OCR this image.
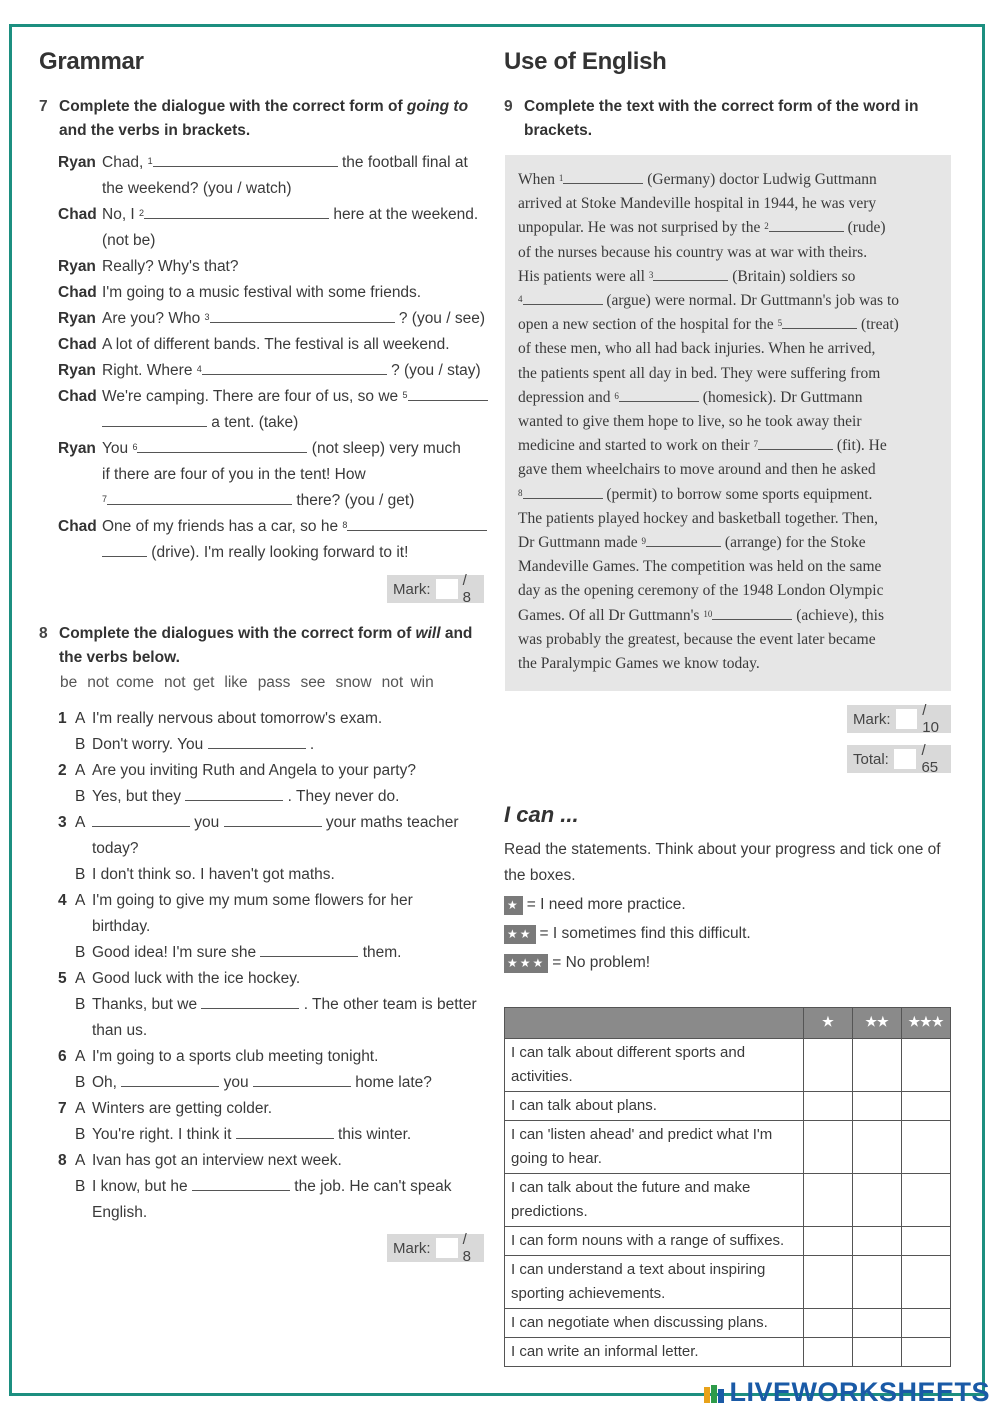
Grammar
7 Complete the dialogue with the correct form of going to
and the verbs in brackets.
Ryan Chad, $^1$	the football final at
the weekend? (you / watch)
Chad No, I $^2$	here at the weekend.
(not be)
Ryan Really? Why's that?
Chad I'm going to a music festival with some friends.
Ryan Are you? Who $^3$	? (you / see)
Chad A lot of different bands. The festival is all weekend.
Ryan Right. Where $^4$	? (you / stay)
Chad We're camping. There are four of us, so we $^5$
a tent. (take)
Ryan You $^6$	(not sleep) very much
if there are four of you in the tent! How
$^7$	there? (you / get)
Chad One of my friends has a car, so he $^8$
(drive). I'm really looking forward to it!
Mark: / 8
8 Complete the dialogues with the correct form of will and
the verbs below.
be not come not get like pass see snow not win
1 A I'm really nervous about tomorrow's exam.
B Don't worry. You	.
2 A Are you inviting Ruth and Angela to your party?
B Yes, but they	. They never do.
3 A	you	your maths teacher
today?
B I don't think so. I haven't got maths.
4 A I'm going to give my mum some flowers for her
birthday.
B Good idea! I'm sure she	them.
5 A Good luck with the ice hockey.
B Thanks, but we	. The other team is better
than us.
6 A I'm going to a sports club meeting tonight.
B Oh,	you	home late?
7 A Winters are getting colder.
B You're right. I think it	this winter.
8 A Ivan has got an interview next week.
B I know, but he	the job. He can't speak
English.
Mark: / 8
Use of English
9 Complete the text with the correct form of the word in
brackets.
When $^1$	(Germany) doctor Ludwig Guttmann
arrived at Stoke Mandeville hospital in 1944, he was very
unpopular. He was not surprised by the $^2$	(rude)
of the nurses because his country was at war with theirs.
His patients were all $^3$	(Britain) soldiers so
$^4$	(argue) were normal. Dr Guttmann's job was to
open a new section of the hospital for the $^5$	(treat)
of these men, who all had back injuries. When he arrived,
the patients spent all day in bed. They were suffering from
depression and $^6$	(homesick). Dr Guttmann
wanted to give them hope to live, so he took away their
medicine and started to work on their $^7$	(fit). He
gave them wheelchairs to move around and then he asked
$^8$	(permit) to borrow some sports equipment.
The patients played hockey and basketball together. Then,
Dr Guttmann made $^9$	(arrange) for the Stoke
Mandeville Games. The competition was held on the same
day as the opening ceremony of the 1948 London Olympic
Games. Of all Dr Guttmann's $^{10}$	(achieve), this
was probably the greatest, because the event later became
the Paralympic Games we know today.
Mark: / 10
Total: / 65
I can ...
Read the statements. Think about your progress and tick one of
the boxes.
★ = I need more practice.
★★ = I sometimes find this difficult.
★★★ = No problem!
	★	★★	★★★
I can talk about different sports and activities.			
I can talk about plans.			
I can 'listen ahead' and predict what I'm going to hear.			
I can talk about the future and make predictions.			
I can form nouns with a range of suffixes.			
I can understand a text about inspiring sporting achievements.			
I can negotiate when discussing plans.			
I can write an informal letter.			
LIVEWORKSHEETS
